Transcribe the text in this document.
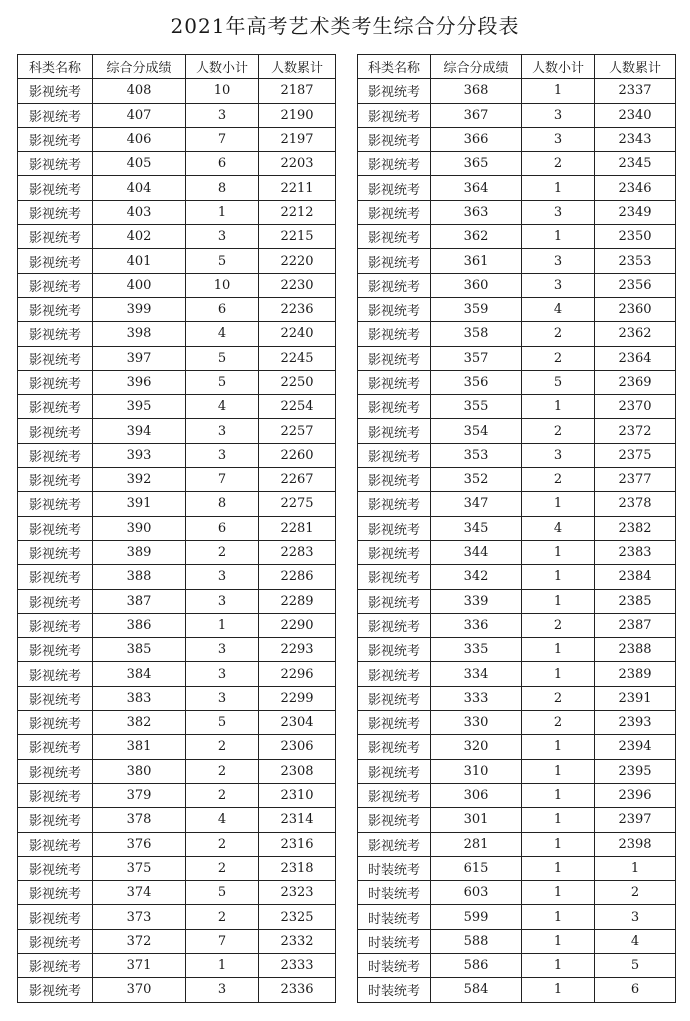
2021年高考艺术类考生综合分分段表
科类名称	综合分成绩	人数小计	人数累计
影视统考	408	10	2187
影视统考	407	3	2190
影视统考	406	7	2197
影视统考	405	6	2203
影视统考	404	8	2211
影视统考	403	1	2212
影视统考	402	3	2215
影视统考	401	5	2220
影视统考	400	10	2230
影视统考	399	6	2236
影视统考	398	4	2240
影视统考	397	5	2245
影视统考	396	5	2250
影视统考	395	4	2254
影视统考	394	3	2257
影视统考	393	3	2260
影视统考	392	7	2267
影视统考	391	8	2275
影视统考	390	6	2281
影视统考	389	2	2283
影视统考	388	3	2286
影视统考	387	3	2289
影视统考	386	1	2290
影视统考	385	3	2293
影视统考	384	3	2296
影视统考	383	3	2299
影视统考	382	5	2304
影视统考	381	2	2306
影视统考	380	2	2308
影视统考	379	2	2310
影视统考	378	4	2314
影视统考	376	2	2316
影视统考	375	2	2318
影视统考	374	5	2323
影视统考	373	2	2325
影视统考	372	7	2332
影视统考	371	1	2333
影视统考	370	3	2336
科类名称	综合分成绩	人数小计	人数累计
影视统考	368	1	2337
影视统考	367	3	2340
影视统考	366	3	2343
影视统考	365	2	2345
影视统考	364	1	2346
影视统考	363	3	2349
影视统考	362	1	2350
影视统考	361	3	2353
影视统考	360	3	2356
影视统考	359	4	2360
影视统考	358	2	2362
影视统考	357	2	2364
影视统考	356	5	2369
影视统考	355	1	2370
影视统考	354	2	2372
影视统考	353	3	2375
影视统考	352	2	2377
影视统考	347	1	2378
影视统考	345	4	2382
影视统考	344	1	2383
影视统考	342	1	2384
影视统考	339	1	2385
影视统考	336	2	2387
影视统考	335	1	2388
影视统考	334	1	2389
影视统考	333	2	2391
影视统考	330	2	2393
影视统考	320	1	2394
影视统考	310	1	2395
影视统考	306	1	2396
影视统考	301	1	2397
影视统考	281	1	2398
时装统考	615	1	1
时装统考	603	1	2
时装统考	599	1	3
时装统考	588	1	4
时装统考	586	1	5
时装统考	584	1	6
